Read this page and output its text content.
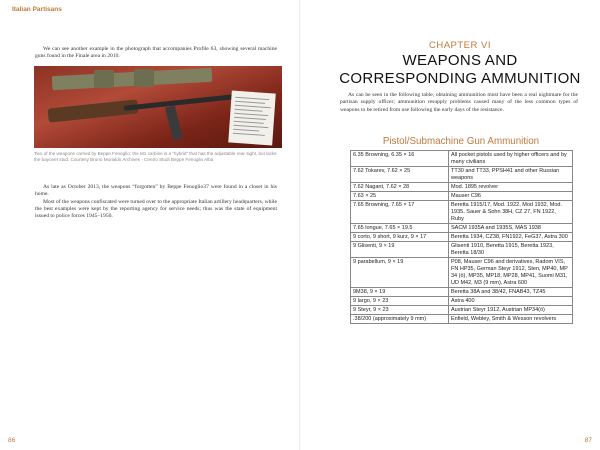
Italian Partisans

We can see another example in the photograph that accompanies Profile 63, showing several machine guns found in the Finale area in 2010.

Two of the weapons carried by Beppe Fenoglio: the M1 carbine is a “hybrid” that has the adjustable rear sight, but lacks the bayonet stud. Courtesy Bruno Murialdo Archives - Centro Studi Beppe Fenoglio Alba

As late as October 2013, the weapons “forgotten” by Beppe Fenoglio37 were found in a closet in his home.

Most of the weapons confiscated were turned over to the appropriate Italian artillery headquarters, while the best examples were kept by the reporting agency for service needs; thus was the state of equipment issued to police forces 1945–1950.

86
CHAPTER VI
WEAPONS AND
CORRESPONDING AMMUNITION

As can be seen in the following table, obtaining ammunition must have been a real nightmare for the partisan supply officer; ammunition resupply problems caused many of the less common types of weapons to be retired from use following the early days of the resistance.

Pistol/Submachine Gun Ammunition
6.35 Browning, 6.35 × 16	All pocket pistols used by higher officers and by many civilians
7.62 Tokarev, 7.62 × 25	TT30 and TT33, PPSH41 and other Russian weapons
7.62 Nagant, 7.62 × 28	Mod. 1895 revolver
7.63 × 25	Mauser C96
7.65 Browning, 7.65 × 17	Beretta 1915/17, Mod. 1922, Mod 1932, Mod. 1935, Sauer & Sohn 38H, CZ 27, FN 1922, Ruby
7.65 longue, 7.65 × 19.5	SACM 1935A and 1935S, MAS 1938
9 corto, 9 short, 9 kurz, 9 × 17	Beretta 1934, CZ38, FN1922, FeG37, Astra 300
9 Glisenti, 9 × 19	Glisenti 1910, Beretta 1915, Beretta 1923, Beretta 18/30
9 parabellum, 9 × 19	P08, Mauser C96 and derivatives, Radom VIS, FN HP35, German Steyr 1912, Sten, MP40, MP 34 (ö), MP35, MP18, MP28, MP41, Suomi M31, UD M42, M3 (9 mm), Astra 600
9M38, 9 × 19	Beretta 38A and 38/42, FNAB43, TZ45
9 largo, 9 × 23	Astra 400
9 Steyr, 9 × 23	Austrian Steyr 1912, Austrian MP34(ö)
.38/200 (approximately 9 mm)	Enfield, Webley, Smith & Wesson revolvers
87
